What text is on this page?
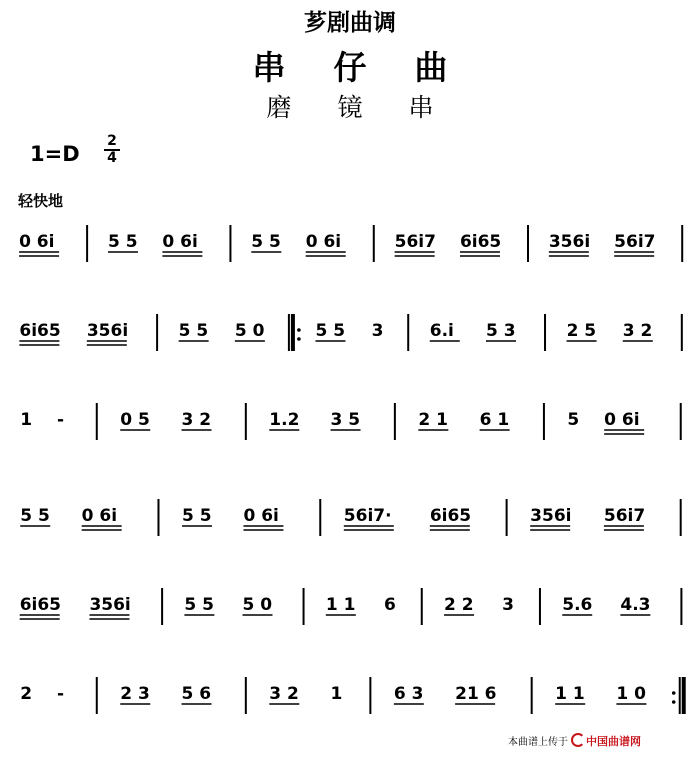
芗剧曲调
串仔曲
磨镜串
1=D
2
4
轻快地
0 6i	5 5 0 6i	5 5 0 6i	56i7 6i65	356i 56i7
6i65 356i	5 5 5 0	5 5 3	6.i 5 3	2 5 3 2
1 -	0 5 3 2	1.2 3 5	2 1 6 1	5 0 6i
5 5 0 6i	5 5 0 6i	56i7· 6i65	356i 56i7
6i65 356i	5 5 5 0	1 1 6	2 2 3	5.6 4.3
2 -	2 3 5 6	3 2 1	6 3 21 6	1 1 1 0
本曲谱上传于 中国曲谱网
